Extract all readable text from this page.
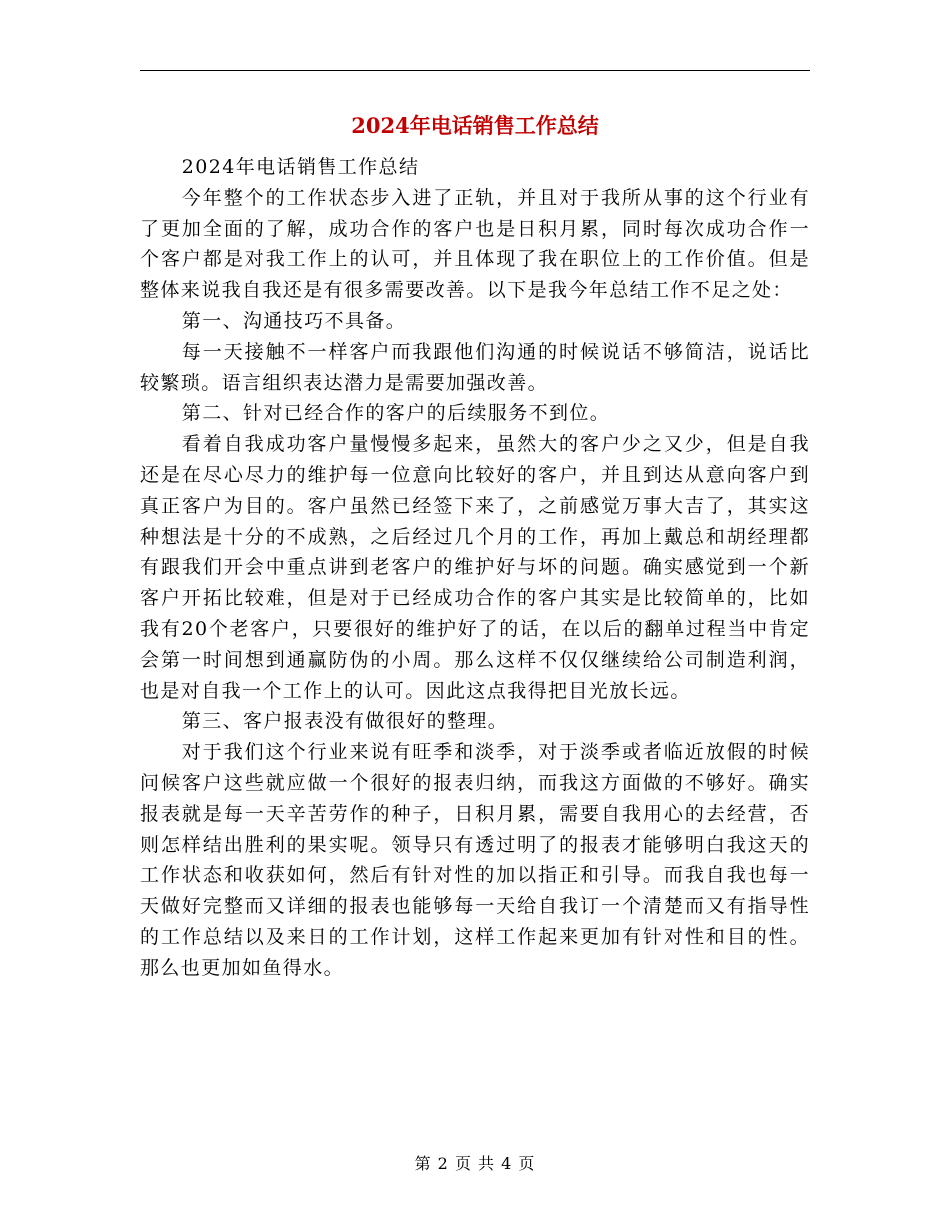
2024年电话销售工作总结

2024年电话销售工作总结

今年整个的工作状态步入进了正轨，并且对于我所从事的这个行业有了更加全面的了解，成功合作的客户也是日积月累，同时每次成功合作一个客户都是对我工作上的认可，并且体现了我在职位上的工作价值。但是整体来说我自我还是有很多需要改善。以下是我今年总结工作不足之处：

第一、沟通技巧不具备。

每一天接触不一样客户而我跟他们沟通的时候说话不够简洁，说话比较繁琐。语言组织表达潜力是需要加强改善。

第二、针对已经合作的客户的后续服务不到位。

看着自我成功客户量慢慢多起来，虽然大的客户少之又少，但是自我还是在尽心尽力的维护每一位意向比较好的客户，并且到达从意向客户到真正客户为目的。客户虽然已经签下来了，之前感觉万事大吉了，其实这种想法是十分的不成熟，之后经过几个月的工作，再加上戴总和胡经理都有跟我们开会中重点讲到老客户的维护好与坏的问题。确实感觉到一个新客户开拓比较难，但是对于已经成功合作的客户其实是比较简单的，比如我有20个老客户，只要很好的维护好了的话，在以后的翻单过程当中肯定会第一时间想到通赢防伪的小周。那么这样不仅仅继续给公司制造利润，也是对自我一个工作上的认可。因此这点我得把目光放长远。

第三、客户报表没有做很好的整理。

对于我们这个行业来说有旺季和淡季，对于淡季或者临近放假的时候问候客户这些就应做一个很好的报表归纳，而我这方面做的不够好。确实报表就是每一天辛苦劳作的种子，日积月累，需要自我用心的去经营，否则怎样结出胜利的果实呢。领导只有透过明了的报表才能够明白我这天的工作状态和收获如何，然后有针对性的加以指正和引导。而我自我也每一天做好完整而又详细的报表也能够每一天给自我订一个清楚而又有指导性的工作总结以及来日的工作计划，这样工作起来更加有针对性和目的性。那么也更加如鱼得水。

第 2 页 共 4 页
